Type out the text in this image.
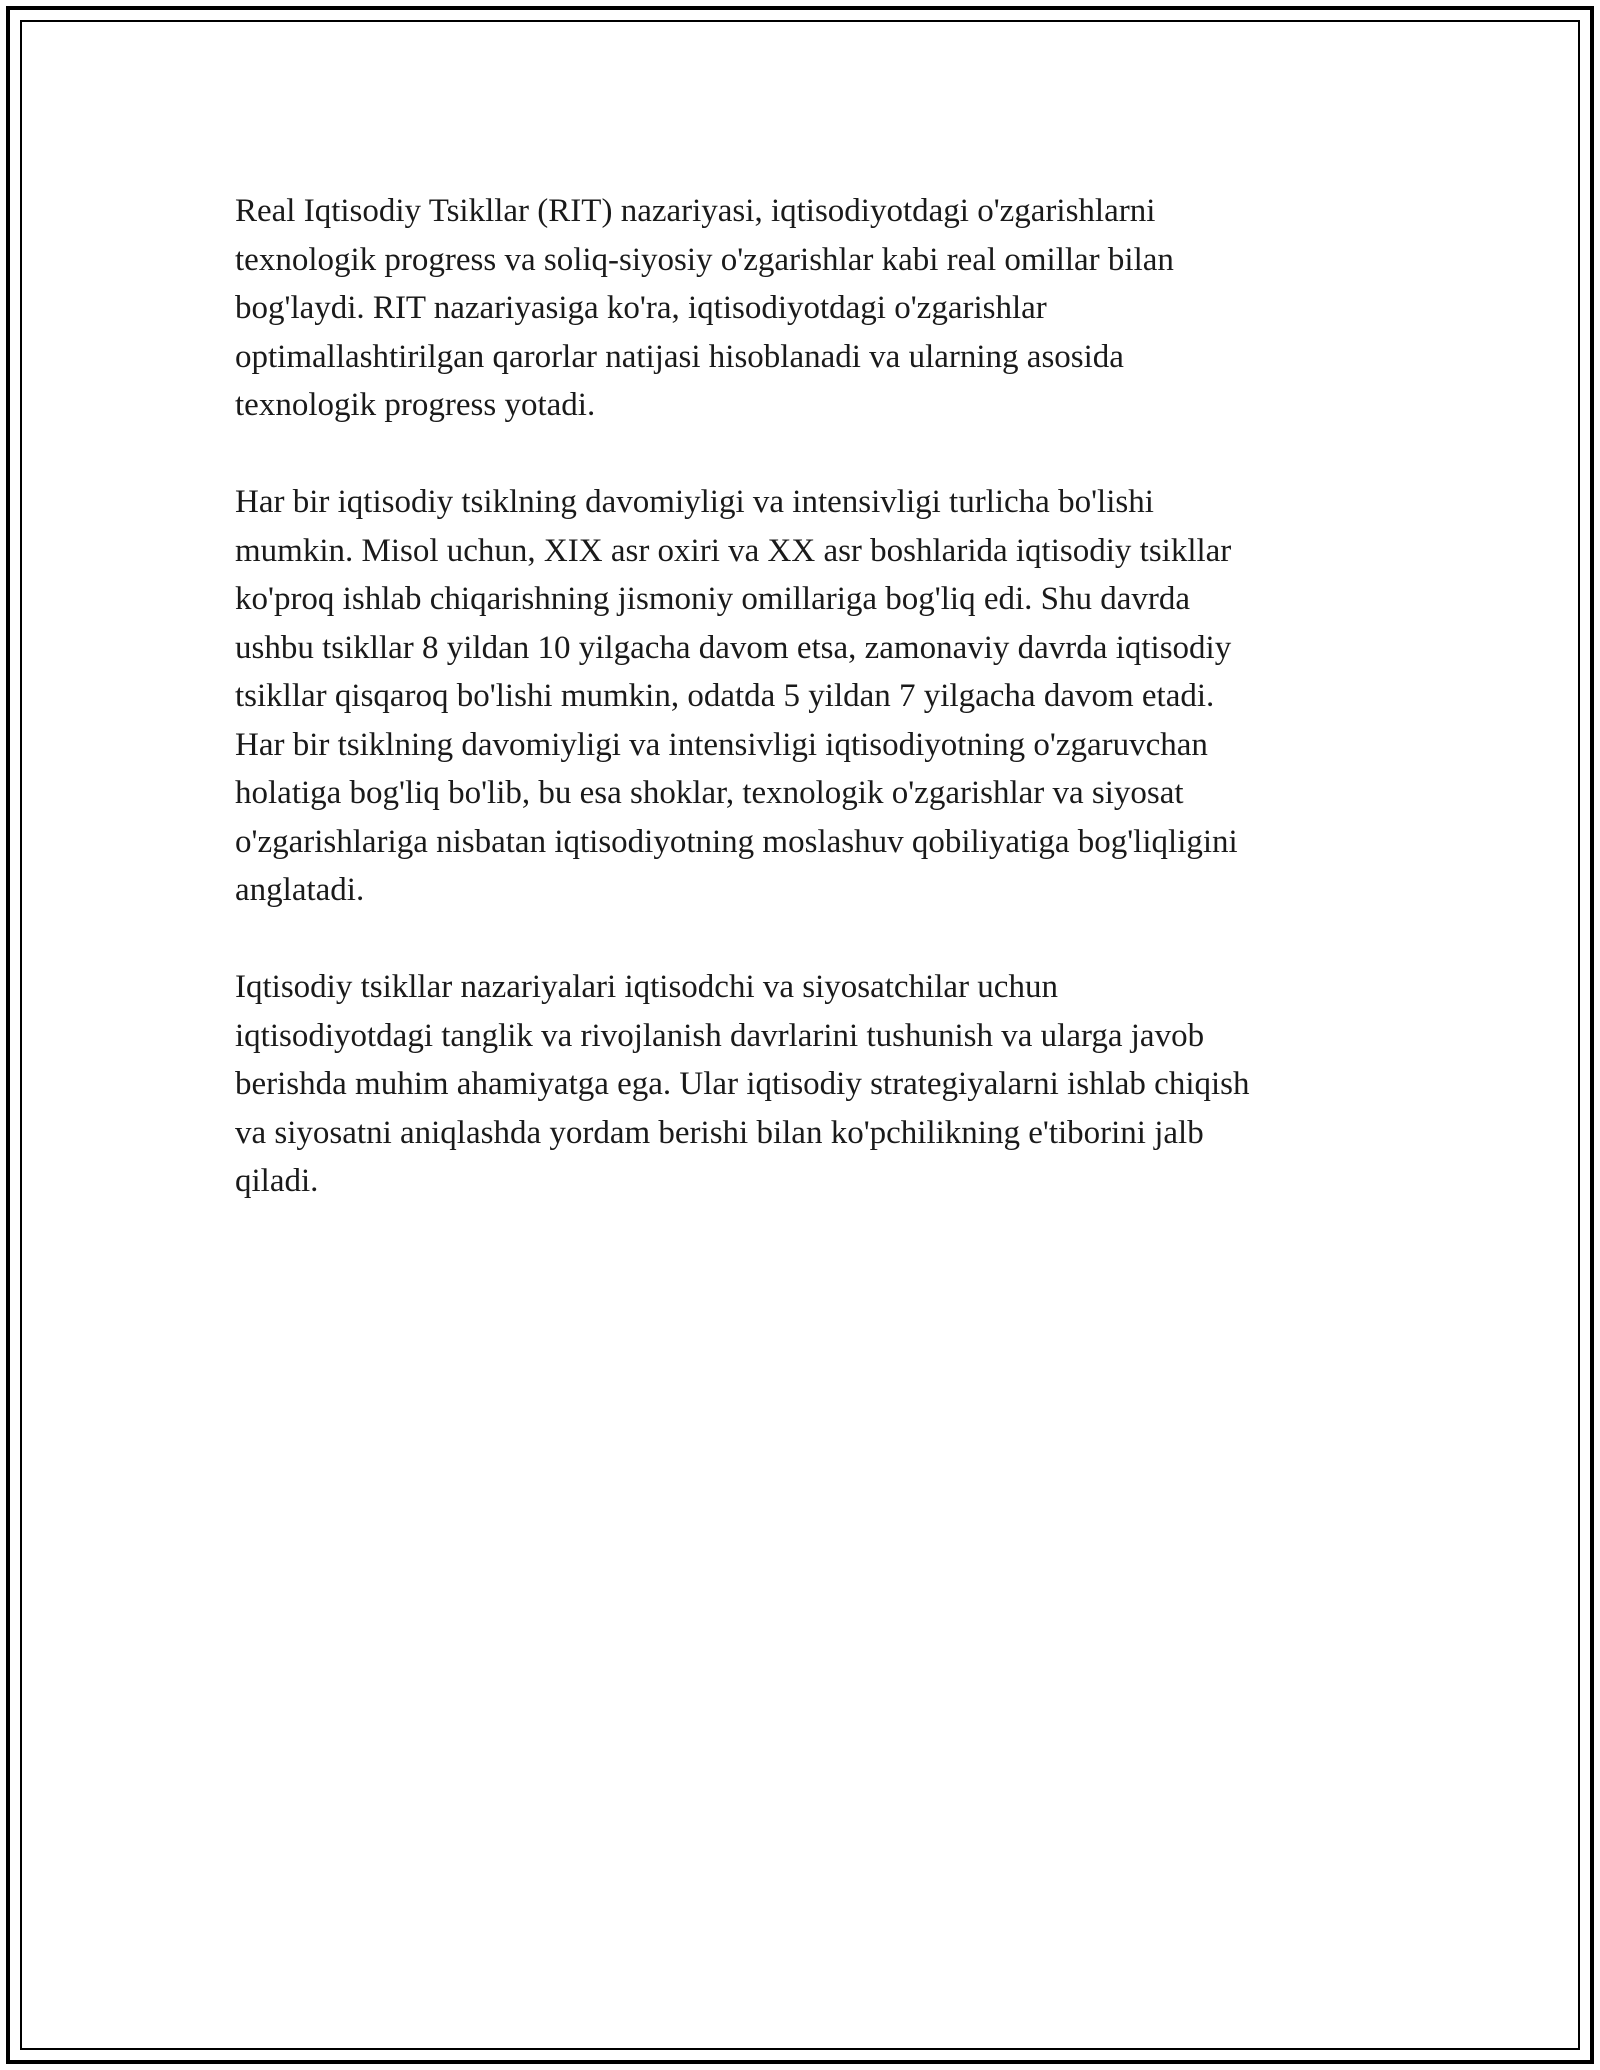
Real Iqtisodiy Tsikllar (RIT) nazariyasi, iqtisodiyotdagi o'zgarishlarni
texnologik progress va soliq-siyosiy o'zgarishlar kabi real omillar bilan
bog'laydi. RIT nazariyasiga ko'ra, iqtisodiyotdagi o'zgarishlar
optimallashtirilgan qarorlar natijasi hisoblanadi va ularning asosida
texnologik progress yotadi.

Har bir iqtisodiy tsiklning davomiyligi va intensivligi turlicha bo'lishi
mumkin. Misol uchun, XIX asr oxiri va XX asr boshlarida iqtisodiy tsikllar
ko'proq ishlab chiqarishning jismoniy omillariga bog'liq edi. Shu davrda
ushbu tsikllar 8 yildan 10 yilgacha davom etsa, zamonaviy davrda iqtisodiy
tsikllar qisqaroq bo'lishi mumkin, odatda 5 yildan 7 yilgacha davom etadi.
Har bir tsiklning davomiyligi va intensivligi iqtisodiyotning o'zgaruvchan
holatiga bog'liq bo'lib, bu esa shoklar, texnologik o'zgarishlar va siyosat
o'zgarishlariga nisbatan iqtisodiyotning moslashuv qobiliyatiga bog'liqligini
anglatadi.

Iqtisodiy tsikllar nazariyalari iqtisodchi va siyosatchilar uchun
iqtisodiyotdagi tanglik va rivojlanish davrlarini tushunish va ularga javob
berishda muhim ahamiyatga ega. Ular iqtisodiy strategiyalarni ishlab chiqish
va siyosatni aniqlashda yordam berishi bilan ko'pchilikning e'tiborini jalb
qiladi.
